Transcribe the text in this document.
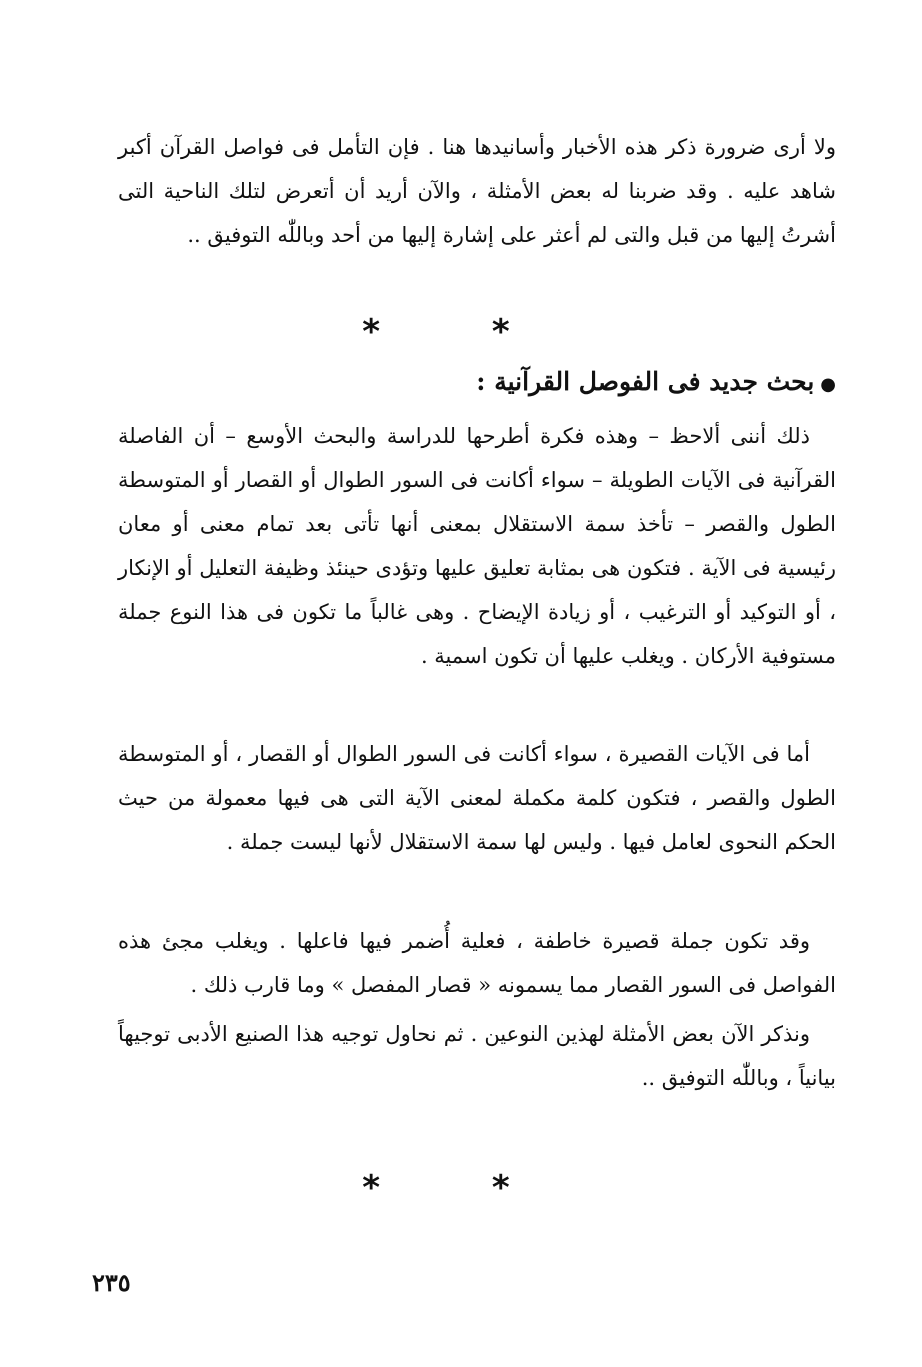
ولا أرى ضرورة ذكر هذه الأخبار وأسانيدها هنا . فإن التأمل فى فواصل القرآن أكبر شاهد عليه . وقد ضربنا له بعض الأمثلة ، والآن أريد أن أتعرض لتلك الناحية التى أشرتُ إليها من قبل والتى لم أعثر على إشارة إليها من أحد وباللّٰه التوفيق ..

* *

●بحث جديد فى الفوصل القرآنية :

ذلك أننى ألاحظ – وهذه فكرة أطرحها للدراسة والبحث الأوسع – أن الفاصلة القرآنية فى الآيات الطويلة – سواء أكانت فى السور الطوال أو القصار أو المتوسطة الطول والقصر – تأخذ سمة الاستقلال بمعنى أنها تأتى بعد تمام معنى أو معان رئيسية فى الآية . فتكون هى بمثابة تعليق عليها وتؤدى حينئذ وظيفة التعليل أو الإنكار ، أو التوكيد أو الترغيب ، أو زيادة الإيضاح . وهى غالباً ما تكون فى هذا النوع جملة مستوفية الأركان . ويغلب عليها أن تكون اسمية .

أما فى الآيات القصيرة ، سواء أكانت فى السور الطوال أو القصار ، أو المتوسطة الطول والقصر ، فتكون كلمة مكملة لمعنى الآية التى هى فيها معمولة من حيث الحكم النحوى لعامل فيها . وليس لها سمة الاستقلال لأنها ليست جملة .

وقد تكون جملة قصيرة خاطفة ، فعلية أُضمر فيها فاعلها . ويغلب مجئ هذه الفواصل فى السور القصار مما يسمونه « قصار المفصل » وما قارب ذلك .

ونذكر الآن بعض الأمثلة لهذين النوعين . ثم نحاول توجيه هذا الصنيع الأدبى توجيهاً بيانياً ، وباللّٰه التوفيق ..

* *

٢٣٥
